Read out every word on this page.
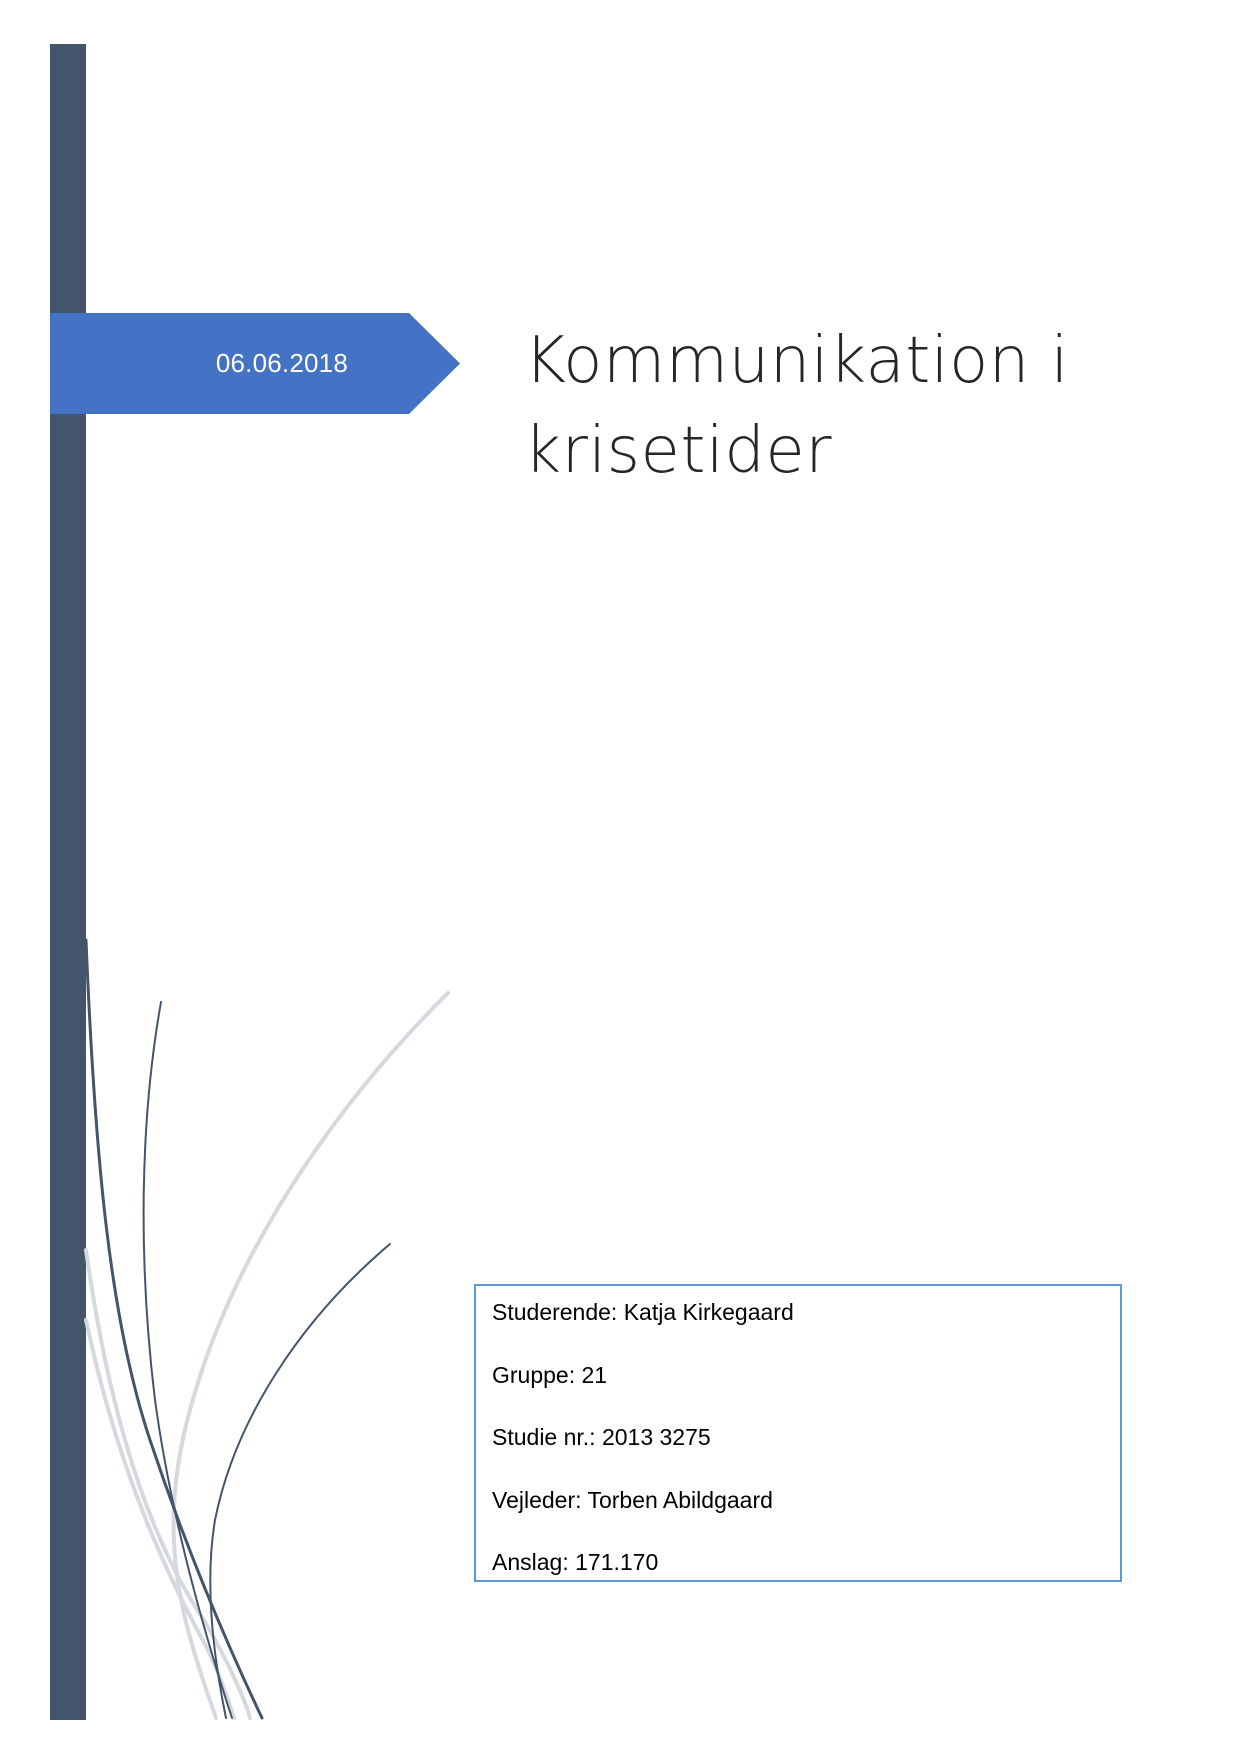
06.06.2018	Kommunikation i
krisetider
Studerende: Katja Kirkegaard
Gruppe: 21
Studie nr.: 2013 3275
Vejleder: Torben Abildgaard
Anslag: 171.170
